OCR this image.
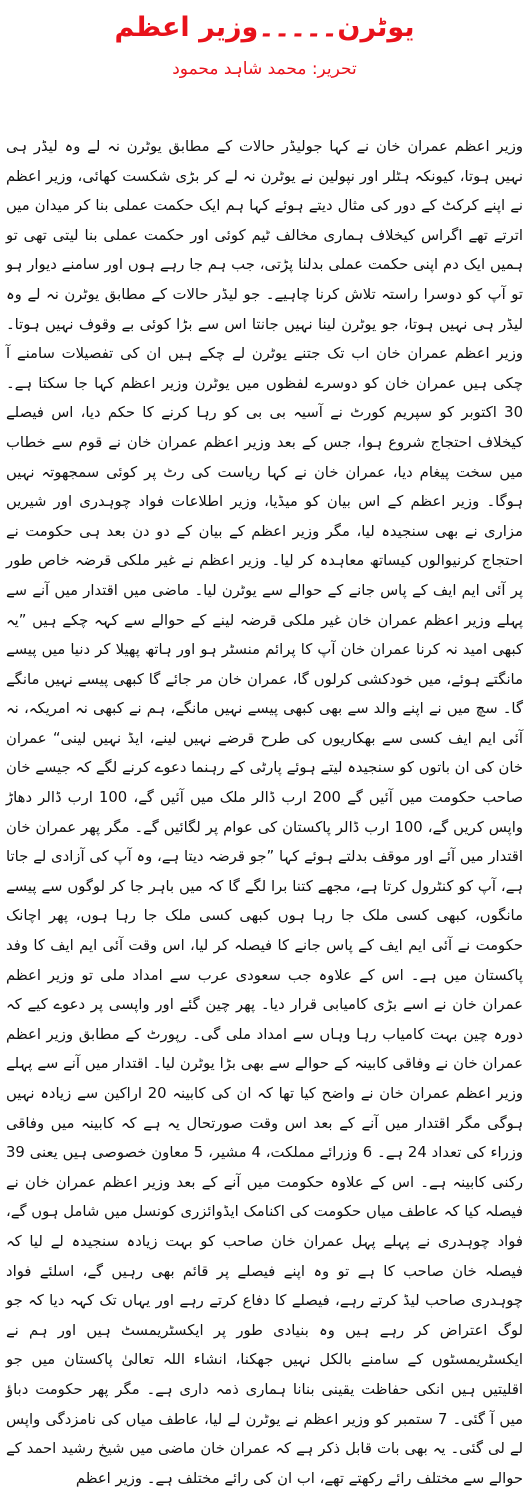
یوٹرن۔۔۔۔۔وزیر اعظم
تحریر: محمد شاہد محمود
وزیر اعظم عمران خان نے کہا جولیڈر حالات کے مطابق یوٹرن نہ لے وہ لیڈر ہی نہیں ہوتا، کیونکہ ہٹلر اور نپولین نے یوٹرن نہ لے کر بڑی شکست کھائی، وزیر اعظم نے اپنے کرکٹ کے دور کی مثال دیتے ہوئے کہا ہم ایک حکمت عملی بنا کر میدان میں اترتے تھے اگراس کیخلاف ہماری مخالف ٹیم کوئی اور حکمت عملی بنا لیتی تھی تو ہمیں ایک دم اپنی حکمت عملی بدلنا پڑتی، جب ہم جا رہے ہوں اور سامنے دیوار ہو تو آپ کو دوسرا راستہ تلاش کرنا چاہیے۔ جو لیڈر حالات کے مطابق یوٹرن نہ لے وہ لیڈر ہی نہیں ہوتا، جو یوٹرن لینا نہیں جانتا اس سے بڑا کوئی بے وقوف نہیں ہوتا۔ وزیر اعظم عمران خان اب تک جتنے یوٹرن لے چکے ہیں ان کی تفصیلات سامنے آ چکی ہیں عمران خان کو دوسرے لفظوں میں یوٹرن وزیر اعظم کہا جا سکتا ہے۔ 30 اکتوبر کو سپریم کورٹ نے آسیہ بی بی کو رہا کرنے کا حکم دیا، اس فیصلے کیخلاف احتجاج شروع ہوا، جس کے بعد وزیر اعظم عمران خان نے قوم سے خطاب میں سخت پیغام دیا، عمران خان نے کہا ریاست کی رٹ پر کوئی سمجھوتہ نہیں ہوگا۔ وزیر اعظم کے اس بیان کو میڈیا، وزیر اطلاعات فواد چوہدری اور شیریں مزاری نے بھی سنجیدہ لیا، مگر وزیر اعظم کے بیان کے دو دن بعد ہی حکومت نے احتجاج کرنیوالوں کیساتھ معاہدہ کر لیا۔ وزیر اعظم نے غیر ملکی قرضہ خاص طور پر آئی ایم ایف کے پاس جانے کے حوالے سے یوٹرن لیا۔ ماضی میں اقتدار میں آنے سے پہلے وزیر اعظم عمران خان غیر ملکی قرضہ لینے کے حوالے سے کہہ چکے ہیں ”یہ کبھی امید نہ کرنا عمران خان آپ کا پرائم منسٹر ہو اور ہاتھ پھیلا کر دنیا میں پیسے مانگتے ہوئے، میں خودکشی کرلوں گا، عمران خان مر جائے گا کبھی پیسے نہیں مانگے گا۔ سچ میں نے اپنے والد سے بھی کبھی پیسے نہیں مانگے، ہم نے کبھی نہ امریکہ، نہ آئی ایم ایف کسی سے بھکاریوں کی طرح قرضے نہیں لینے، ایڈ نہیں لینی“ عمران خان کی ان باتوں کو سنجیدہ لیتے ہوئے پارٹی کے رہنما دعوے کرنے لگے کہ جیسے خان صاحب حکومت میں آئیں گے 200 ارب ڈالر ملک میں آئیں گے، 100 ارب ڈالر دھاڑ واپس کریں گے، 100 ارب ڈالر پاکستان کی عوام پر لگائیں گے۔ مگر پھر عمران خان اقتدار میں آئے اور موقف بدلتے ہوئے کہا ”جو قرضہ دیتا ہے، وہ آپ کی آزادی لے جاتا ہے، آپ کو کنٹرول کرتا ہے، مجھے کتنا برا لگے گا کہ میں باہر جا کر لوگوں سے پیسے مانگوں، کبھی کسی ملک جا رہا ہوں کبھی کسی ملک جا رہا ہوں، پھر اچانک حکومت نے آئی ایم ایف کے پاس جانے کا فیصلہ کر لیا، اس وقت آئی ایم ایف کا وفد پاکستان میں ہے۔ اس کے علاوہ جب سعودی عرب سے امداد ملی تو وزیر اعظم عمران خان نے اسے بڑی کامیابی قرار دیا۔ پھر چین گئے اور واپسی پر دعوے کیے کہ دورہ چین بہت کامیاب رہا وہاں سے امداد ملی گی۔ رپورٹ کے مطابق وزیر اعظم عمران خان نے وفاقی کابینہ کے حوالے سے بھی بڑا یوٹرن لیا۔ اقتدار میں آنے سے پہلے وزیر اعظم عمران خان نے واضح کیا تھا کہ ان کی کابینہ 20 اراکین سے زیادہ نہیں ہوگی مگر اقتدار میں آنے کے بعد اس وقت صورتحال یہ ہے کہ کابینہ میں وفاقی وزراء کی تعداد 24 ہے۔ 6 وزرائے مملکت، 4 مشیر، 5 معاون خصوصی ہیں یعنی 39 رکنی کابینہ ہے۔ اس کے علاوہ حکومت میں آنے کے بعد وزیر اعظم عمران خان نے فیصلہ کیا کہ عاطف میاں حکومت کی اکنامک ایڈوائزری کونسل میں شامل ہوں گے، فواد چوہدری نے پہلے پہل عمران خان صاحب کو بہت زیادہ سنجیدہ لے لیا کہ فیصلہ خان صاحب کا ہے تو وہ اپنے فیصلے پر قائم بھی رہیں گے، اسلئے فواد چوہدری صاحب لیڈ کرتے رہے، فیصلے کا دفاع کرتے رہے اور یہاں تک کہہ دیا کہ جو لوگ اعتراض کر رہے ہیں وہ بنیادی طور پر ایکسٹریمسٹ ہیں اور ہم نے ایکسٹریمسٹوں کے سامنے بالکل نہیں جھکنا، انشاء اللہ تعالیٰ پاکستان میں جو اقلیتیں ہیں انکی حفاظت یقینی بنانا ہماری ذمہ داری ہے۔ مگر پھر حکومت دباؤ میں آ گئی۔ 7 ستمبر کو وزیر اعظم نے یوٹرن لے لیا، عاطف میاں کی نامزدگی واپس لے لی گئی۔ یہ بھی بات قابل ذکر ہے کہ عمران خان ماضی میں شیخ رشید احمد کے حوالے سے مختلف رائے رکھتے تھے، اب ان کی رائے مختلف ہے۔ وزیر اعظم
